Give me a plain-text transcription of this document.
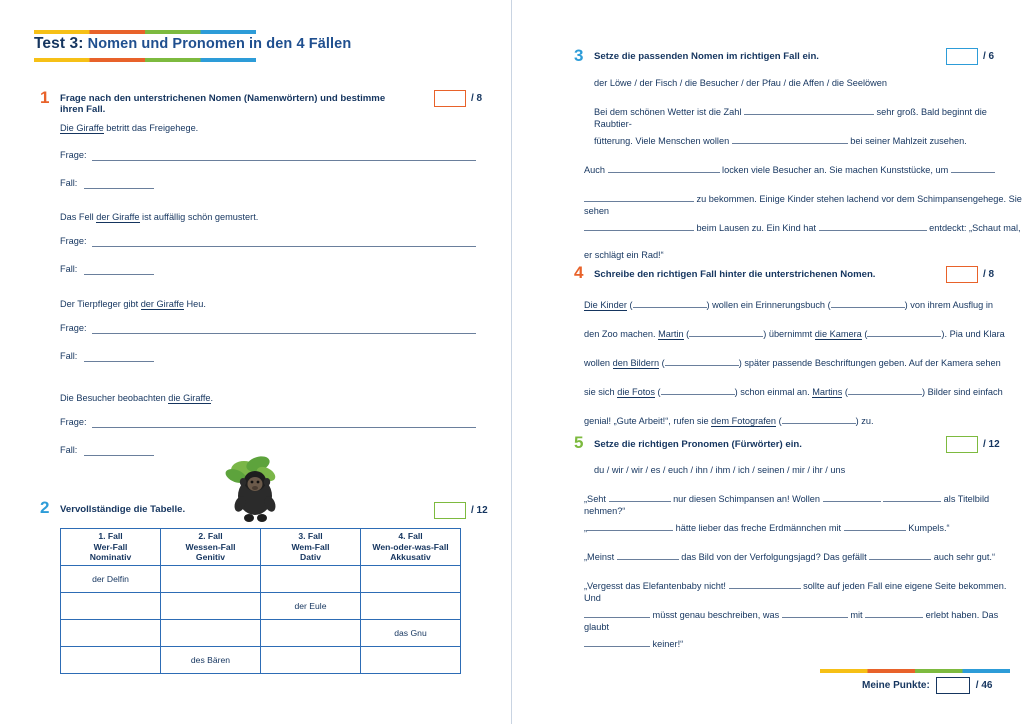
Test 3: Nomen und Pronomen in den 4 Fällen
1 Frage nach den unterstrichenen Nomen (Namenwörtern) und bestimme ihren Fall.
/ 8
Die Giraffe betritt das Freigehege.
Frage:
Fall:
Das Fell der Giraffe ist auffällig schön gemustert.
Frage:
Fall:
Der Tierpfleger gibt der Giraffe Heu.
Frage:
Fall:
Die Besucher beobachten die Giraffe.
Frage:
Fall:
2 Vervollständige die Tabelle.	/ 12
1. Fall
Wer-Fall
Nominativ

2. Fall
Wessen-Fall
Genitiv

3. Fall
Wem-Fall
Dativ

4. Fall
Wen-oder-was-Fall
Akkusativ

der Delfin			
		der Eule	
			das Gnu
	des Bären		
3 Setze die passenden Nomen im richtigen Fall ein.	/ 6
der Löwe / der Fisch / die Besucher / der Pfau / die Affen / die Seelöwen
Bei dem schönen Wetter ist die Zahl	sehr groß. Bald beginnt die Raubtier-
fütterung. Viele Menschen wollen	bei seiner Mahlzeit zusehen.
Auch	locken viele Besucher an. Sie machen Kunststücke, um
zu bekommen. Einige Kinder stehen lachend vor dem Schimpansengehege. Sie sehen
beim Lausen zu. Ein Kind hat	entdeckt: „Schaut mal,
er schlägt ein Rad!“
4 Schreibe den richtigen Fall hinter die unterstrichenen Nomen.	/ 8
Die Kinder (	) wollen ein Erinnerungsbuch (	) von ihrem Ausflug in
den Zoo machen. Martin (	) übernimmt die Kamera (	). Pia und Klara
wollen den Bildern (	) später passende Beschriftungen geben. Auf der Kamera sehen
sie sich die Fotos (	) schon einmal an. Martins (	) Bilder sind einfach
genial! „Gute Arbeit!“, rufen sie dem Fotografen (	) zu.
5 Setze die richtigen Pronomen (Fürwörter) ein.	/ 12
du / wir / wir / es / euch / ihn / ihm / ich / seinen / mir / ihr / uns
„Seht	nur diesen Schimpansen an! Wollen	als Titelbild nehmen?“
„	hätte lieber das freche Erdmännchen mit	Kumpels.“
„Meinst	das Bild von der Verfolgungsjagd? Das gefällt	auch sehr gut.“
„Vergesst das Elefantenbaby nicht!	sollte auf jeden Fall eine eigene Seite bekommen. Und
müsst genau beschreiben, was	mit	erlebt haben. Das glaubt
keiner!“
Meine Punkte:	/ 46
